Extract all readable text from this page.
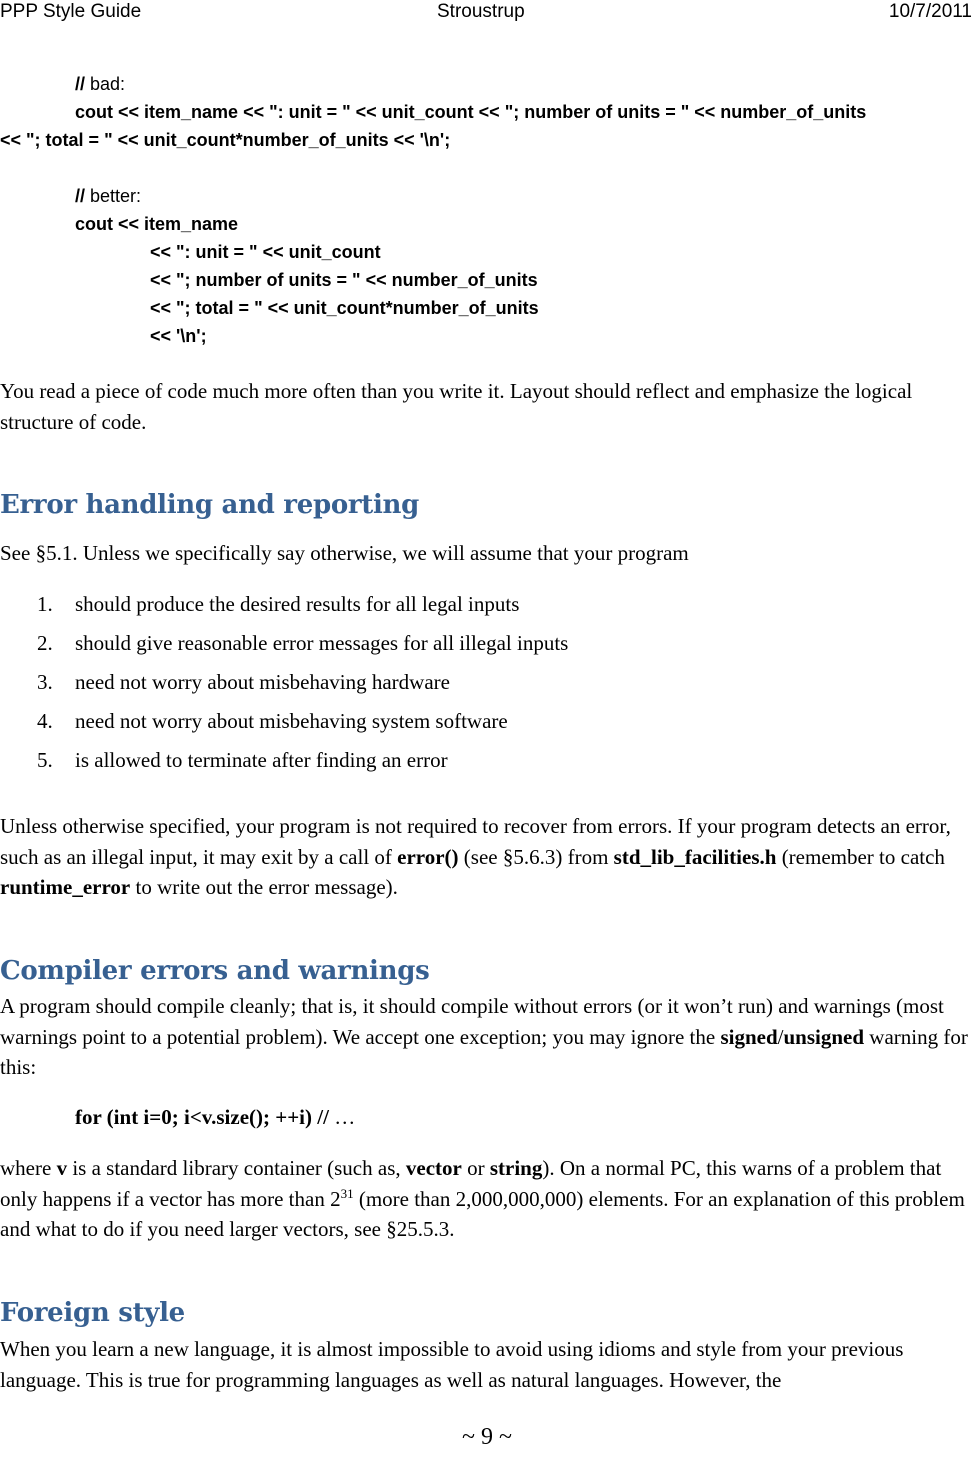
PPP Style Guide	Stroustrup	10/7/2011
// bad:
cout << item_name << ": unit = " << unit_count << "; number of units = " << number_of_units
<< "; total = " << unit_count*number_of_units << '\n';
// better:
cout << item_name
<< ": unit = " << unit_count
<< "; number of units = " << number_of_units
<< "; total = " << unit_count*number_of_units
<< '\n';
You read a piece of code much more often than you write it. Layout should reflect and emphasize the logical structure of code.
Error handling and reporting
See §5.1. Unless we specifically say otherwise, we will assume that your program
1. should produce the desired results for all legal inputs
2. should give reasonable error messages for all illegal inputs
3. need not worry about misbehaving hardware
4. need not worry about misbehaving system software
5. is allowed to terminate after finding an error
Unless otherwise specified, your program is not required to recover from errors. If your program detects an error, such as an illegal input, it may exit by a call of error() (see §5.6.3) from std_lib_facilities.h (remember to catch runtime_error to write out the error message).
Compiler errors and warnings
A program should compile cleanly; that is, it should compile without errors (or it won’t run) and warnings (most warnings point to a potential problem). We accept one exception; you may ignore the signed/unsigned warning for this:
for (int i=0; i<v.size(); ++i) // …
where v is a standard library container (such as, vector or string). On a normal PC, this warns of a problem that only happens if a vector has more than $2^{31}$ (more than 2,000,000,000) elements. For an explanation of this problem and what to do if you need larger vectors, see §25.5.3.
Foreign style
When you learn a new language, it is almost impossible to avoid using idioms and style from your previous language. This is true for programming languages as well as natural languages. However, the
~ 9 ~
